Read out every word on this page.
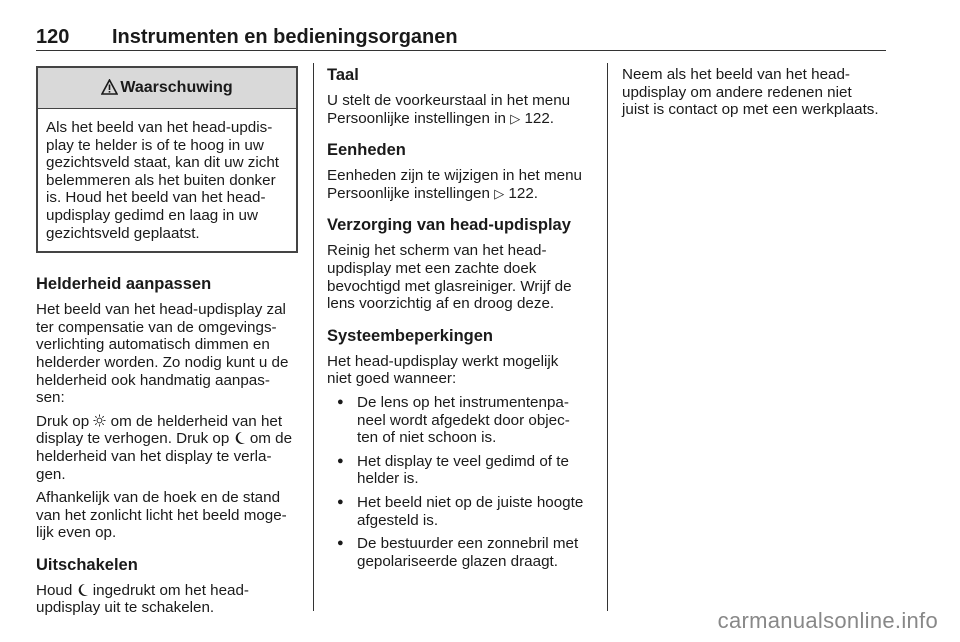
120 Instrumenten en bedieningsorganen
Waarschuwing
Als het beeld van het head-updis-
play te helder is of te hoog in uw
gezichtsveld staat, kan dit uw zicht
belemmeren als het buiten donker
is. Houd het beeld van het head-
updisplay gedimd en laag in uw
gezichtsveld geplaatst.
Helderheid aanpassen

Het beeld van het head-updisplay zal
ter compensatie van de omgevings-
verlichting automatisch dimmen en
helderder worden. Zo nodig kunt u de
helderheid ook handmatig aanpas-
sen:

Druk op om de helderheid van het
display te verhogen. Druk op om de
helderheid van het display te verla-
gen.

Afhankelijk van de hoek en de stand
van het zonlicht licht het beeld moge-
lijk even op.

Uitschakelen

Houd ingedrukt om het head-
updisplay uit te schakelen.

Taal

U stelt de voorkeurstaal in het menu
Persoonlijke instellingen in ▷ 122.

Eenheden

Eenheden zijn te wijzigen in het menu
Persoonlijke instellingen ▷ 122.

Verzorging van head-updisplay

Reinig het scherm van het head-
updisplay met een zachte doek
bevochtigd met glasreiniger. Wrijf de
lens voorzichtig af en droog deze.

Systeembeperkingen

Het head-updisplay werkt mogelijk
niet goed wanneer:

● De lens op het instrumentenpa-
neel wordt afgedekt door objec-
ten of niet schoon is.
● Het display te veel gedimd of te
helder is.
● Het beeld niet op de juiste hoogte
afgesteld is.
● De bestuurder een zonnebril met
gepolariseerde glazen draagt.

Neem als het beeld van het head-
updisplay om andere redenen niet
juist is contact op met een werkplaats.

carmanualsonline.info
